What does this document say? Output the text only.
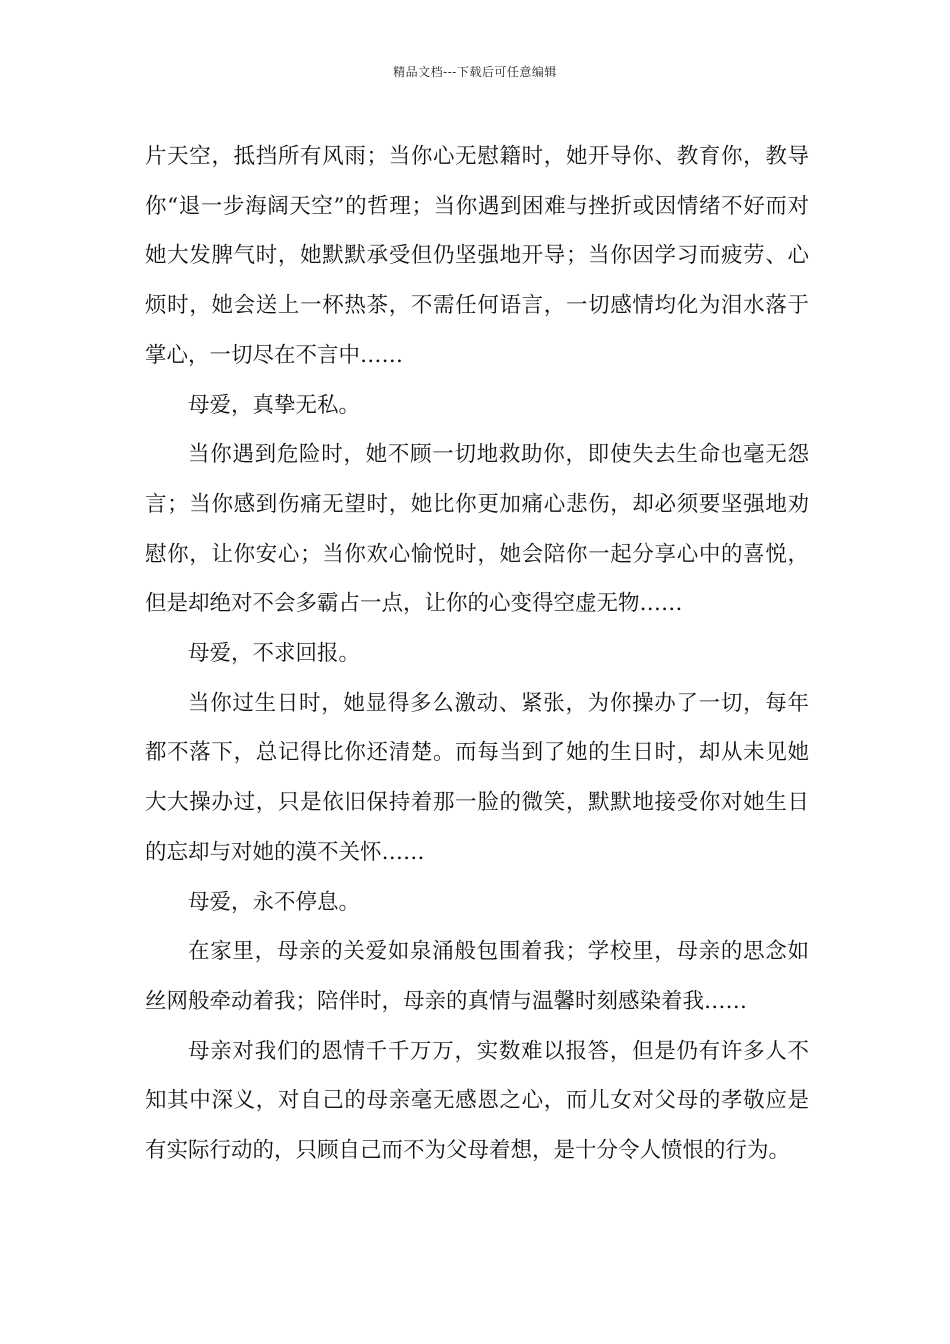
精品文档---下载后可任意编辑

片天空，抵挡所有风雨；当你心无慰籍时，她开导你、教育你，教导你“退一步海阔天空”的哲理；当你遇到困难与挫折或因情绪不好而对她大发脾气时，她默默承受但仍坚强地开导；当你因学习而疲劳、心烦时，她会送上一杯热茶，不需任何语言，一切感情均化为泪水落于掌心，一切尽在不言中……

母爱，真挚无私。

当你遇到危险时，她不顾一切地救助你，即使失去生命也毫无怨言；当你感到伤痛无望时，她比你更加痛心悲伤，却必须要坚强地劝慰你，让你安心；当你欢心愉悦时，她会陪你一起分享心中的喜悦，但是却绝对不会多霸占一点，让你的心变得空虚无物……

母爱，不求回报。

当你过生日时，她显得多么激动、紧张，为你操办了一切，每年都不落下，总记得比你还清楚。而每当到了她的生日时，却从未见她大大操办过，只是依旧保持着那一脸的微笑，默默地接受你对她生日的忘却与对她的漠不关怀……

母爱，永不停息。

在家里，母亲的关爱如泉涌般包围着我；学校里，母亲的思念如丝网般牵动着我；陪伴时，母亲的真情与温馨时刻感染着我……

母亲对我们的恩情千千万万，实数难以报答，但是仍有许多人不知其中深义，对自己的母亲毫无感恩之心，而儿女对父母的孝敬应是有实际行动的，只顾自己而不为父母着想，是十分令人愤恨的行为。
